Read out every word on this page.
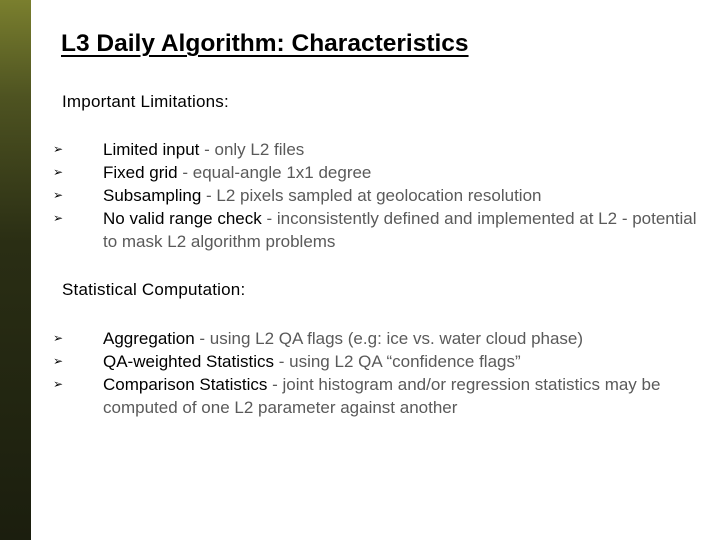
L3 Daily Algorithm: Characteristics

Important Limitations:

➢ Limited input - only L2 files
➢ Fixed grid - equal-angle 1x1 degree
➢ Subsampling - L2 pixels sampled at geolocation resolution
➢ No valid range check - inconsistently defined and implemented at L2 - potential to mask L2 algorithm problems

Statistical Computation:

➢ Aggregation - using L2 QA flags (e.g: ice vs. water cloud phase)
➢ QA-weighted Statistics - using L2 QA “confidence flags”
➢ Comparison Statistics - joint histogram and/or regression statistics may be computed of one L2 parameter against another
